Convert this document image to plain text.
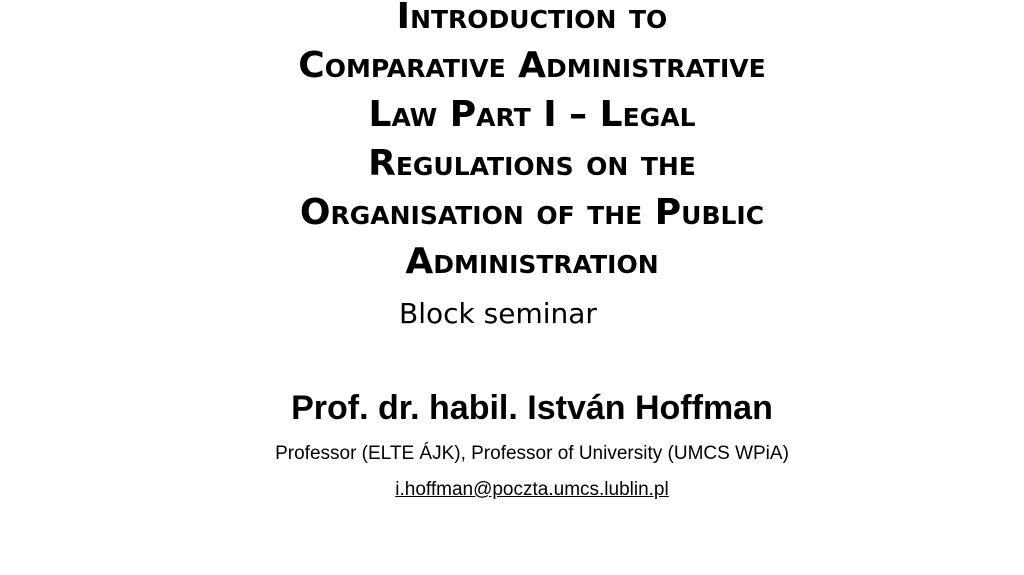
Introduction to
Comparative Administrative
Law Part I – Legal
Regulations on the
Organisation of the Public
Administration
Block seminar
Prof. dr. habil. István Hoffman
Professor (ELTE ÁJK), Professor of University (UMCS WPiA)
i.hoffman@poczta.umcs.lublin.pl
